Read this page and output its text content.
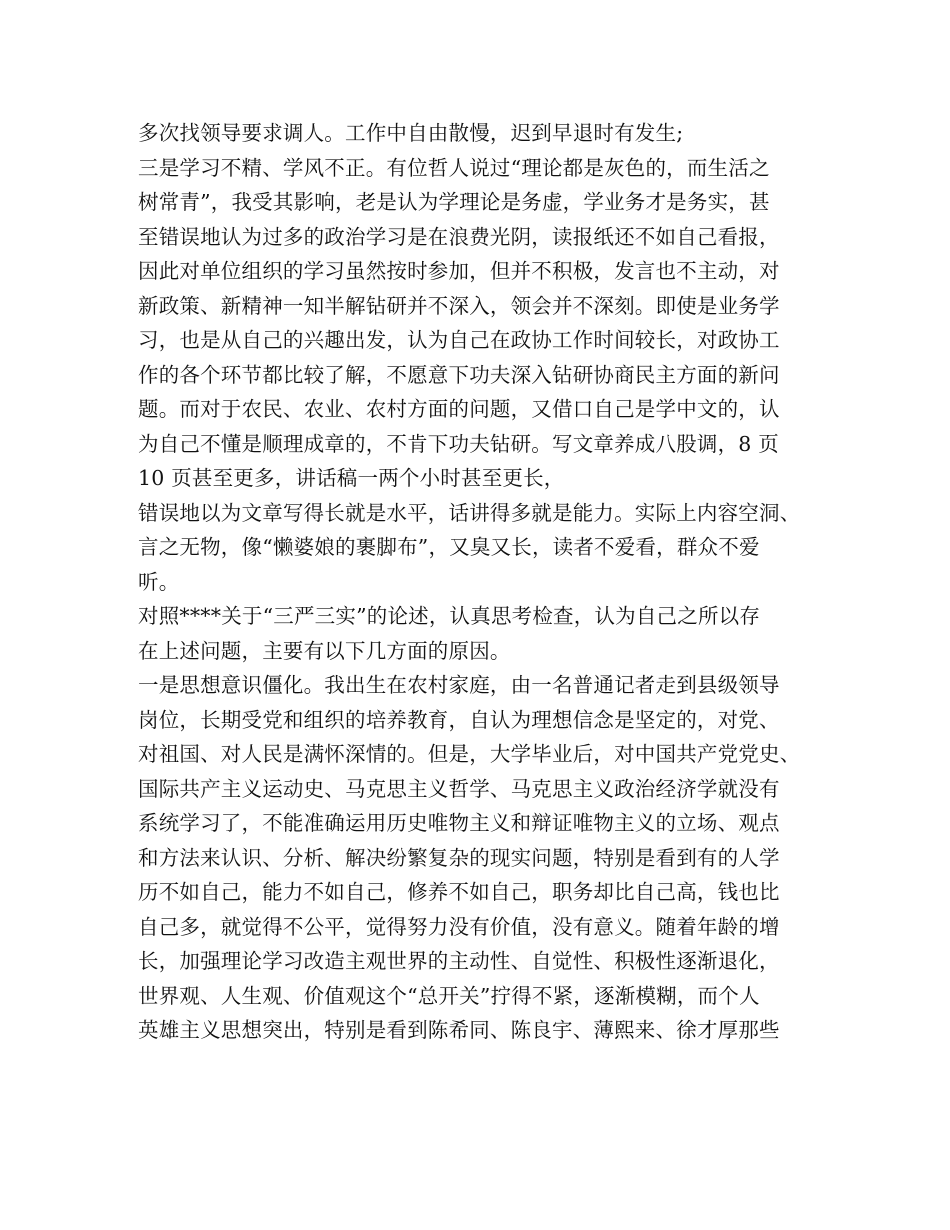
多次找领导要求调人。工作中自由散慢，迟到早退时有发生;
三是学习不精、学风不正。有位哲人说过“理论都是灰色的，而生活之
树常青”，我受其影响，老是认为学理论是务虚，学业务才是务实，甚
至错误地认为过多的政治学习是在浪费光阴，读报纸还不如自己看报，
因此对单位组织的学习虽然按时参加，但并不积极，发言也不主动，对
新政策、新精神一知半解钻研并不深入，领会并不深刻。即使是业务学
习，也是从自己的兴趣出发，认为自己在政协工作时间较长，对政协工
作的各个环节都比较了解，不愿意下功夫深入钻研协商民主方面的新问
题。而对于农民、农业、农村方面的问题，又借口自己是学中文的，认
为自己不懂是顺理成章的，不肯下功夫钻研。写文章养成八股调，8 页
10 页甚至更多，讲话稿一两个小时甚至更长，
错误地以为文章写得长就是水平，话讲得多就是能力。实际上内容空洞、
言之无物，像“懒婆娘的裹脚布”，又臭又长，读者不爱看，群众不爱
听。
对照****关于“三严三实”的论述，认真思考检查，认为自己之所以存
在上述问题，主要有以下几方面的原因。
一是思想意识僵化。我出生在农村家庭，由一名普通记者走到县级领导
岗位，长期受党和组织的培养教育，自认为理想信念是坚定的，对党、
对祖国、对人民是满怀深情的。但是，大学毕业后，对中国共产党党史、
国际共产主义运动史、马克思主义哲学、马克思主义政治经济学就没有
系统学习了，不能准确运用历史唯物主义和辩证唯物主义的立场、观点
和方法来认识、分析、解决纷繁复杂的现实问题，特别是看到有的人学
历不如自己，能力不如自己，修养不如自己，职务却比自己高，钱也比
自己多，就觉得不公平，觉得努力没有价值，没有意义。随着年龄的增
长，加强理论学习改造主观世界的主动性、自觉性、积极性逐渐退化，
世界观、人生观、价值观这个“总开关”拧得不紧，逐渐模糊，而个人
英雄主义思想突出，特别是看到陈希同、陈良宇、薄熙来、徐才厚那些
